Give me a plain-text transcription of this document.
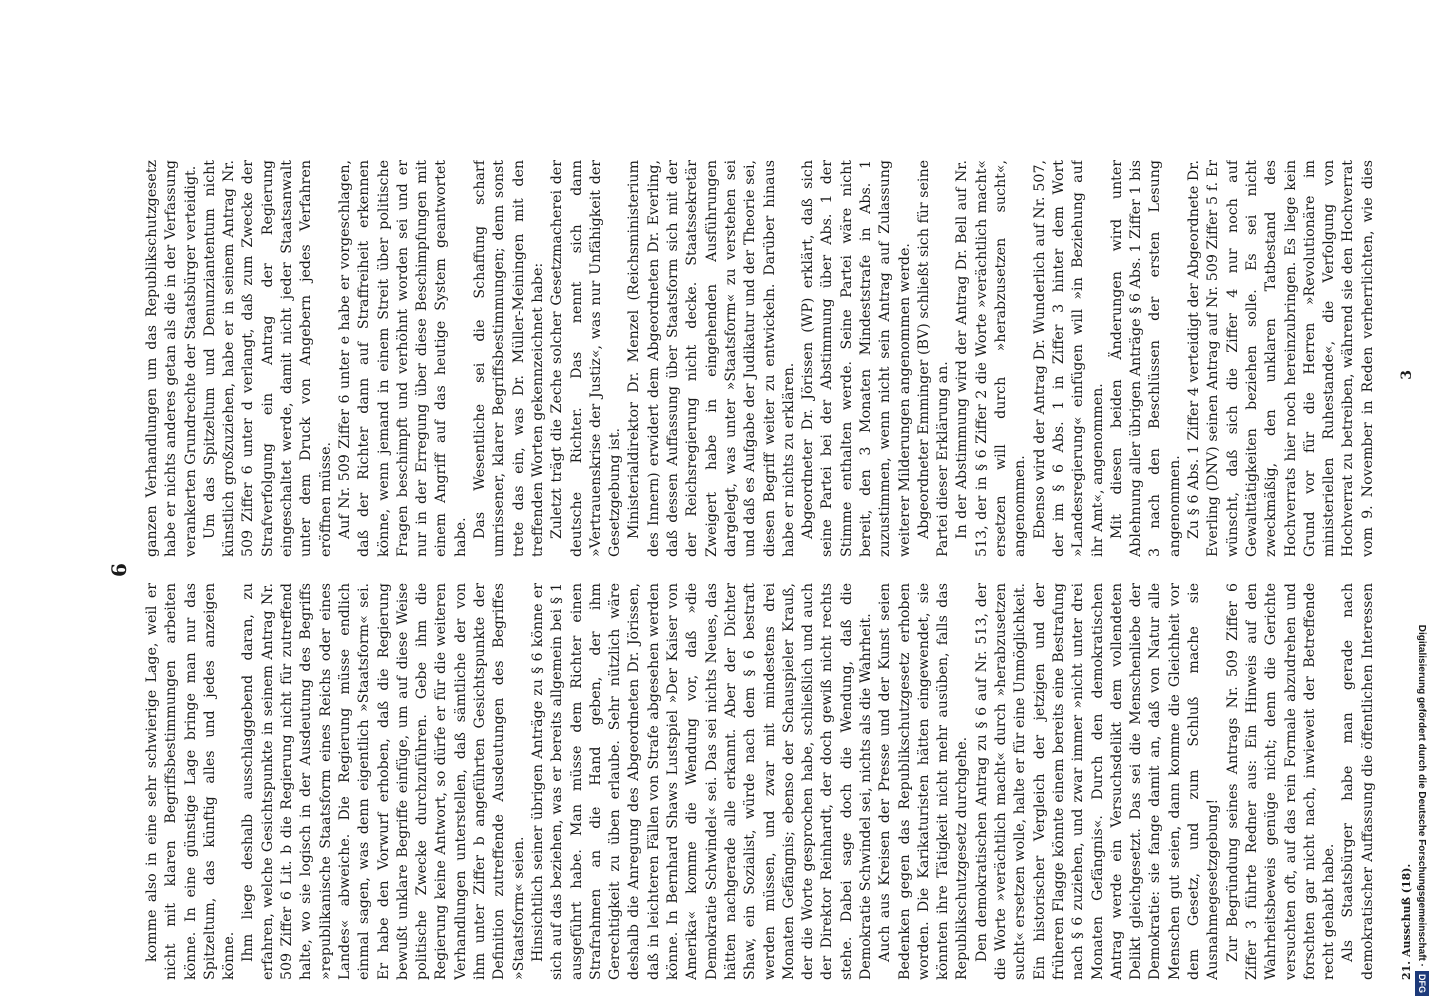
6

komme also in eine sehr schwierige Lage, weil er nicht mit klaren Begriffsbestimmungen arbeiten könne. In eine günstige Lage bringe man nur das Spitzeltum, das künftig alles und jedes anzeigen könne. Ihm liege deshalb ausschlaggebend daran, zu erfahren, welche Gesichtspunkte in seinem Antrag Nr. 509 Ziffer 6 Lit. b die Regierung nicht für zutreffend halte, wo sie logisch in der Ausdeutung des Begriffs »republikanische Staatsform eines Reichs oder eines Landes« abweiche. Die Regierung müsse endlich einmal sagen, was denn eigentlich »Staatsform« sei. Er habe den Vorwurf erhoben, daß die Regierung bewußt unklare Begriffe einfüge, um auf diese Weise politische Zwecke durchzuführen. Gebe ihm die Regierung keine Antwort, so dürfe er für die weiteren Verhandlungen unterstellen, daß sämtliche der von ihm unter Ziffer b angeführten Gesichtspunkte der Definition zutreffende Ausdeutungen des Begriffes »Staatsform« seien. Hinsichtlich seiner übrigen Anträge zu § 6 könne er sich auf das beziehen, was er bereits allgemein bei § 1 ausgeführt habe. Man müsse dem Richter einen Strafrahmen an die Hand geben, der ihm Gerechtigkeit zu üben erlaube. Sehr nützlich wäre deshalb die Anregung des Abgeordneten Dr. Jörissen, daß in leichteren Fällen von Strafe abgesehen werden könne. In Bernhard Shaws Lustspiel »Der Kaiser von Amerika« komme die Wendung vor, daß »die Demokratie Schwindel« sei. Das sei nichts Neues, das hätten nachgerade alle erkannt. Aber der Dichter Shaw, ein Sozialist, würde nach dem § 6 bestraft werden müssen, und zwar mit mindestens drei Monaten Gefängnis; ebenso der Schauspieler Krauß, der die Worte gesprochen habe, schließlich und auch der Direktor Reinhardt, der doch gewiß nicht rechts stehe. Dabei sage doch die Wendung, daß die Demokratie Schwindel sei, nichts als die Wahrheit. Auch aus Kreisen der Presse und der Kunst seien Bedenken gegen das Republikschutzgesetz erhoben worden. Die Karikaturisten hätten eingewendet, sie könnten ihre Tätigkeit nicht mehr ausüben, falls das Republikschutzgesetz durchgehe. Den demokratischen Antrag zu § 6 auf Nr. 513, der die Worte »verächtlich macht« durch »herabzusetzen sucht« ersetzen wolle, halte er für eine Unmöglichkeit. Ein historischer Vergleich der jetzigen und der früheren Flagge könnte einem bereits eine Bestrafung nach § 6 zuziehen, und zwar immer »nicht unter drei Monaten Gefängnis«. Durch den demokratischen Antrag werde ein Versuchsdelikt dem vollendeten Delikt gleichgesetzt. Das sei die Menschenliebe der Demokratie: sie fange damit an, daß von Natur alle Menschen gut seien, dann komme die Gleichheit vor dem Gesetz, und zum Schluß mache sie Ausnahmegesetzgebung! Zur Begründung seines Antrags Nr. 509 Ziffer 6 Ziffer 3 führte Redner aus: Ein Hinweis auf den Wahrheitsbeweis genüge nicht; denn die Gerichte versuchten oft, auf das rein Formale abzudrehen und forschten gar nicht nach, inwieweit der Betreffende recht gehabt habe. Als Staatsbürger habe man gerade nach demokratischer Auffassung die öffentlichen Interessen

ganzen Verhandlungen um das Republikschutzgesetz habe er nichts anderes getan als die in der Verfassung verankerten Grundrechte der Staatsbürger verteidigt. Um das Spitzeltum und Denunziantentum nicht künstlich großzuziehen, habe er in seinem Antrag Nr. 509 Ziffer 6 unter d verlangt, daß zum Zwecke der Strafverfolgung ein Antrag der Regierung eingeschaltet werde, damit nicht jeder Staatsanwalt unter dem Druck von Angebern jedes Verfahren eröffnen müsse. Auf Nr. 509 Ziffer 6 unter e habe er vorgeschlagen, daß der Richter dann auf Straffreiheit erkennen könne, wenn jemand in einem Streit über politische Fragen beschimpft und verhöhnt worden sei und er nur in der Erregung über diese Beschimpfungen mit einem Angriff auf das heutige System geantwortet habe. Das Wesentliche sei die Schaffung scharf umrissener, klarer Begriffsbestimmungen; denn sonst trete das ein, was Dr. Müller-Meiningen mit den treffenden Worten gekennzeichnet habe: Zuletzt trägt die Zeche solcher Gesetzmacherei der deutsche Richter. Das nennt sich dann »Vertrauenskrise der Justiz«, was nur Unfähigkeit der Gesetzgebung ist. Ministerialdirektor Dr. Menzel (Reichsministerium des Innern) erwidert dem Abgeordneten Dr. Everling, daß dessen Auffassung über Staatsform sich mit der der Reichsregierung nicht decke. Staatssekretär Zweigert habe in eingehenden Ausführungen dargelegt, was unter »Staatsform« zu verstehen sei und daß es Aufgabe der Judikatur und der Theorie sei, diesen Begriff weiter zu entwickeln. Darüber hinaus habe er nichts zu erklären. Abgeordneter Dr. Jörissen (WP) erklärt, daß sich seine Partei bei der Abstimmung über Abs. 1 der Stimme enthalten werde. Seine Partei wäre nicht bereit, den 3 Monaten Mindeststrafe in Abs. 1 zuzustimmen, wenn nicht sein Antrag auf Zulassung weiterer Milderungen angenommen werde. Abgeordneter Emminger (BV) schließt sich für seine Partei dieser Erklärung an. In der Abstimmung wird der Antrag Dr. Bell auf Nr. 513, der in § 6 Ziffer 2 die Worte »verächtlich macht« ersetzen will durch »herabzusetzen sucht«, angenommen. Ebenso wird der Antrag Dr. Wunderlich auf Nr. 507, der im § 6 Abs. 1 in Ziffer 3 hinter dem Wort »Landesregierung« einfügen will »in Beziehung auf ihr Amt«, angenommen. Mit diesen beiden Änderungen wird unter Ablehnung aller übrigen Anträge § 6 Abs. 1 Ziffer 1 bis 3 nach den Beschlüssen der ersten Lesung angenommen. Zu § 6 Abs. 1 Ziffer 4 verteidigt der Abgeordnete Dr. Everling (DNV) seinen Antrag auf Nr. 509 Ziffer 5 f. Er wünscht, daß sich die Ziffer 4 nur noch auf Gewalttätigkeiten beziehen solle. Es sei nicht zweckmäßig, den unklaren Tatbestand des Hochverrats hier noch hereinzubringen. Es liege kein Grund vor für die Herren »Revolutionäre im ministeriellen Ruhestande«, die Verfolgung von Hochverrat zu betreiben, während sie den Hochverrat vom 9. November in Reden verherrlichten, wie dies

21. Ausschuß (18).
3
Digitalisierung gefördert durch die Deutsche Forschungsgemeinschaft ·
DFG
